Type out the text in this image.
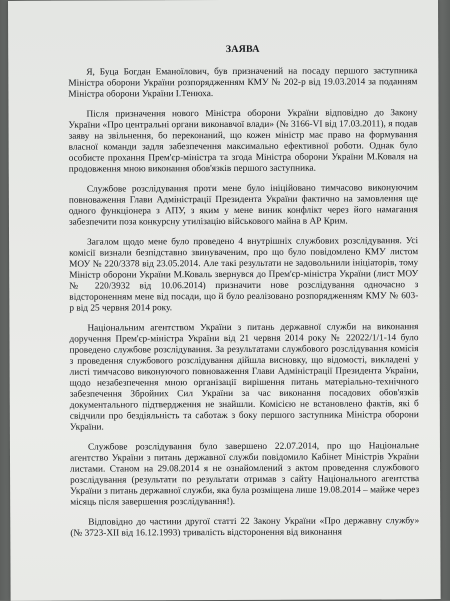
ЗАЯВА

Я, Буца Богдан Еманоїлович, був призначений на посаду першого заступника Міністра оборони України розпорядженням КМУ № 202-р від 19.03.2014 за поданням Міністра оборони України І.Тенюха.

Після призначення нового Міністра оборони України відповідно до Закону України «Про центральні органи виконавчої влади» (№ 3166-VI від 17.03.2011), я подав заяву на звільнення, бо переконаний, що кожен міністр має право на формування власної команди задля забезпечення максимально ефективної роботи. Однак було особисте прохання Прем'єр-міністра та згода Міністра оборони України М.Коваля на продовження мною виконання обов'язків першого заступника.

Службове розслідування проти мене було ініційовано тимчасово виконуючим повноваження Глави Адміністрації Президента України фактично на замовлення ще одного функціонера з АПУ, з яким у мене виник конфлікт через його намагання забезпечити поза конкурсну утилізацію військового майна в АР Крим.

Загалом щодо мене було проведено 4 внутрішніх службових розслідування. Усі комісії визнали безпідставно звинуваченим, про що було повідомлено КМУ листом МОУ № 220/3378 від 23.05.2014. Але такі результати не задовольнили ініціаторів, тому Міністр оборони України М.Коваль звернувся до Прем'єр-міністра України (лист МОУ № 220/3932 від 10.06.2014) призначити нове розслідування одночасно з відстороненням мене від посади, що й було реалізовано розпорядженням КМУ № 603-р від 25 червня 2014 року.

Національним агентством України з питань державної служби на виконання доручення Прем'єр-міністра України від 21 червня 2014 року № 22022/1/1-14 було проведено службове розслідування. За результатами службового розслідування комісія з проведення службового розслідування дійшла висновку, що відомості, викладені у листі тимчасово виконуючого повноваження Глави Адміністрації Президента України, щодо незабезпечення мною організації вирішення питань матеріально-технічного забезпечення Збройних Сил України за час виконання посадових обов'язків документального підтвердження не знайшли. Комісією не встановлено фактів, які б свідчили про бездіяльність та саботаж з боку першого заступника Міністра оборони України.

Службове розслідування було завершено 22.07.2014, про що Національне агентство України з питань державної служби повідомило Кабінет Міністрів України листами. Станом на 29.08.2014 я не ознайомлений з актом проведення службового розслідування (результати по результати отримав з сайту Національного агентства України з питань державної служби, яка була розміщена лише 19.08.2014 – майже через місяць після завершення розслідування!).

Відповідно до частини другої статті 22 Закону України «Про державну службу» (№ 3723-XII від 16.12.1993) тривалість відсторонення від виконання
